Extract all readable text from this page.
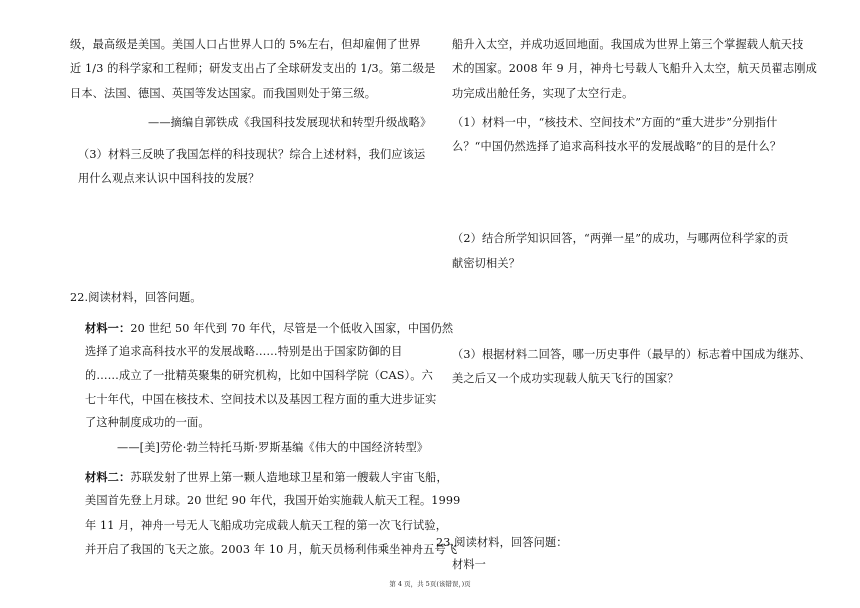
级，最高级是美国。美国人口占世界人口的 5%左右，但却雇佣了世界
近 1/3 的科学家和工程师；研发支出占了全球研发支出的 1/3。第二级是
日本、法国、德国、英国等发达国家。而我国则处于第三级。
——摘编自郭铁成《我国科技发展现状和转型升级战略》
（3）材料三反映了我国怎样的科技现状？综合上述材料，我们应该运
用什么观点来认识中国科技的发展？
22.阅读材料，回答问题。
材料一：20 世纪 50 年代到 70 年代，尽管是一个低收入国家，中国仍然
选择了追求高科技水平的发展战略……特别是出于国家防御的目
的……成立了一批精英聚集的研究机构，比如中国科学院（CAS）。六
七十年代，中国在核技术、空间技术以及基因工程方面的重大进步证实
了这种制度成功的一面。
——[美]劳伦·勃兰特托马斯·罗斯基编《伟大的中国经济转型》
材料二：苏联发射了世界上第一颗人造地球卫星和第一艘载人宇宙飞船，
美国首先登上月球。20 世纪 90 年代，我国开始实施载人航天工程。1999
年 11 月，神舟一号无人飞船成功完成载人航天工程的第一次飞行试验，
并开启了我国的飞天之旅。2003 年 10 月，航天员杨利伟乘坐神舟五号飞
船升入太空，并成功返回地面。我国成为世界上第三个掌握载人航天技
术的国家。2008 年 9 月，神舟七号载人飞船升入太空，航天员翟志刚成
功完成出舱任务，实现了太空行走。
（1）材料一中，“核技术、空间技术”方面的“重大进步”分别指什
么？“中国仍然选择了追求高科技水平的发展战略”的目的是什么？
（2）结合所学知识回答，“两弹一星”的成功，与哪两位科学家的贡
献密切相关？
（3）根据材料二回答，哪一历史事件（最早的）标志着中国成为继苏、
美之后又一个成功实现载人航天飞行的国家？
23.阅读材料，回答问题：
材料一
第 4 页，共 5页(该错误，)页
